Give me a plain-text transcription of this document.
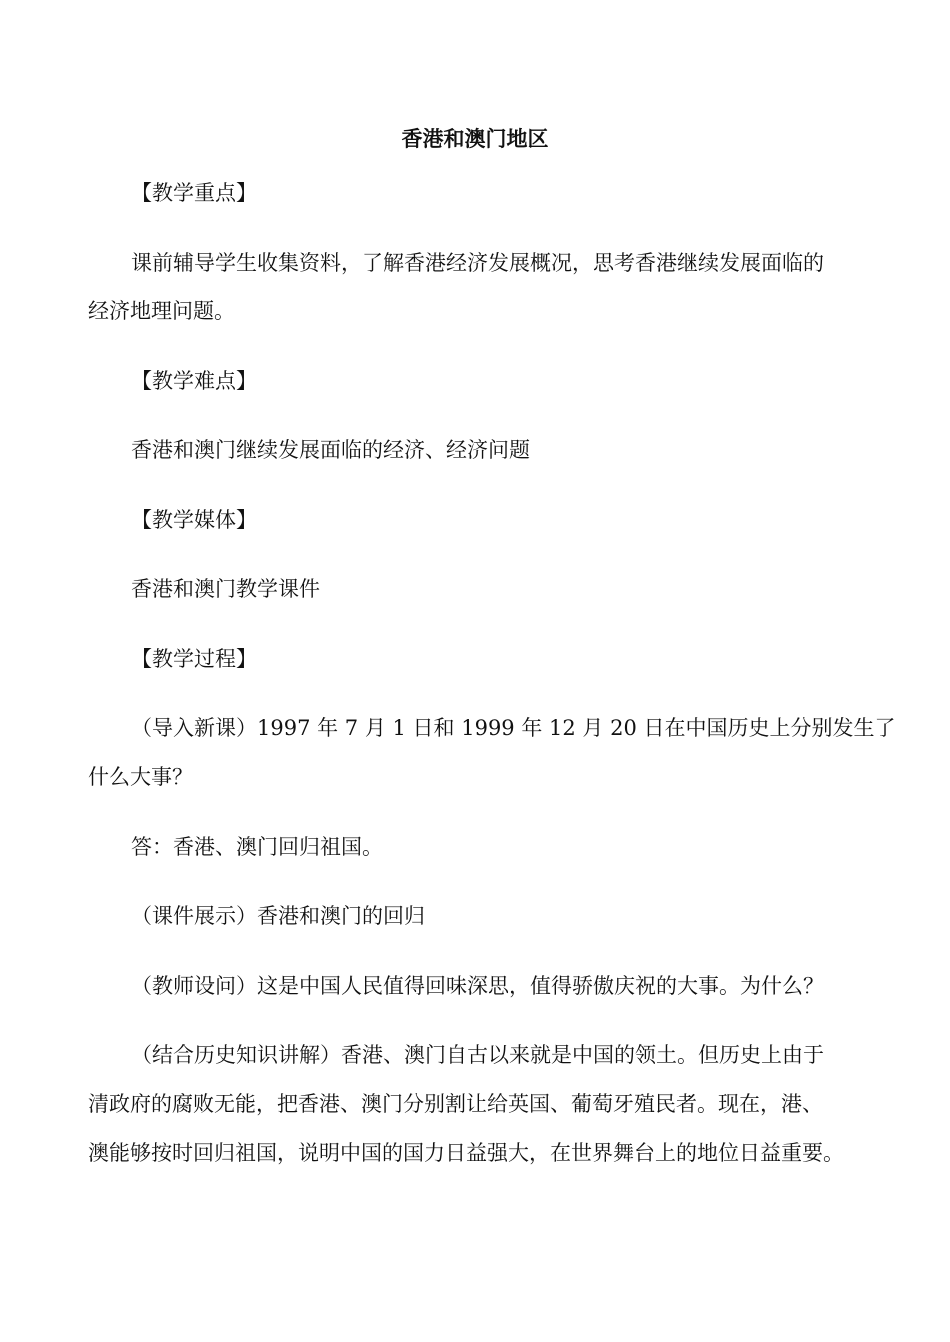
香港和澳门地区
【教学重点】
课前辅导学生收集资料，了解香港经济发展概况，思考香港继续发展面临的
经济地理问题。
【教学难点】
香港和澳门继续发展面临的经济、经济问题
【教学媒体】
香港和澳门教学课件
【教学过程】
（导入新课）1997 年 7 月 1 日和 1999 年 12 月 20 日在中国历史上分别发生了
什么大事？
答：香港、澳门回归祖国。
（课件展示）香港和澳门的回归
（教师设问）这是中国人民值得回味深思，值得骄傲庆祝的大事。为什么？
（结合历史知识讲解）香港、澳门自古以来就是中国的领土。但历史上由于
清政府的腐败无能，把香港、澳门分别割让给英国、葡萄牙殖民者。现在，港、
澳能够按时回归祖国，说明中国的国力日益强大，在世界舞台上的地位日益重要。
